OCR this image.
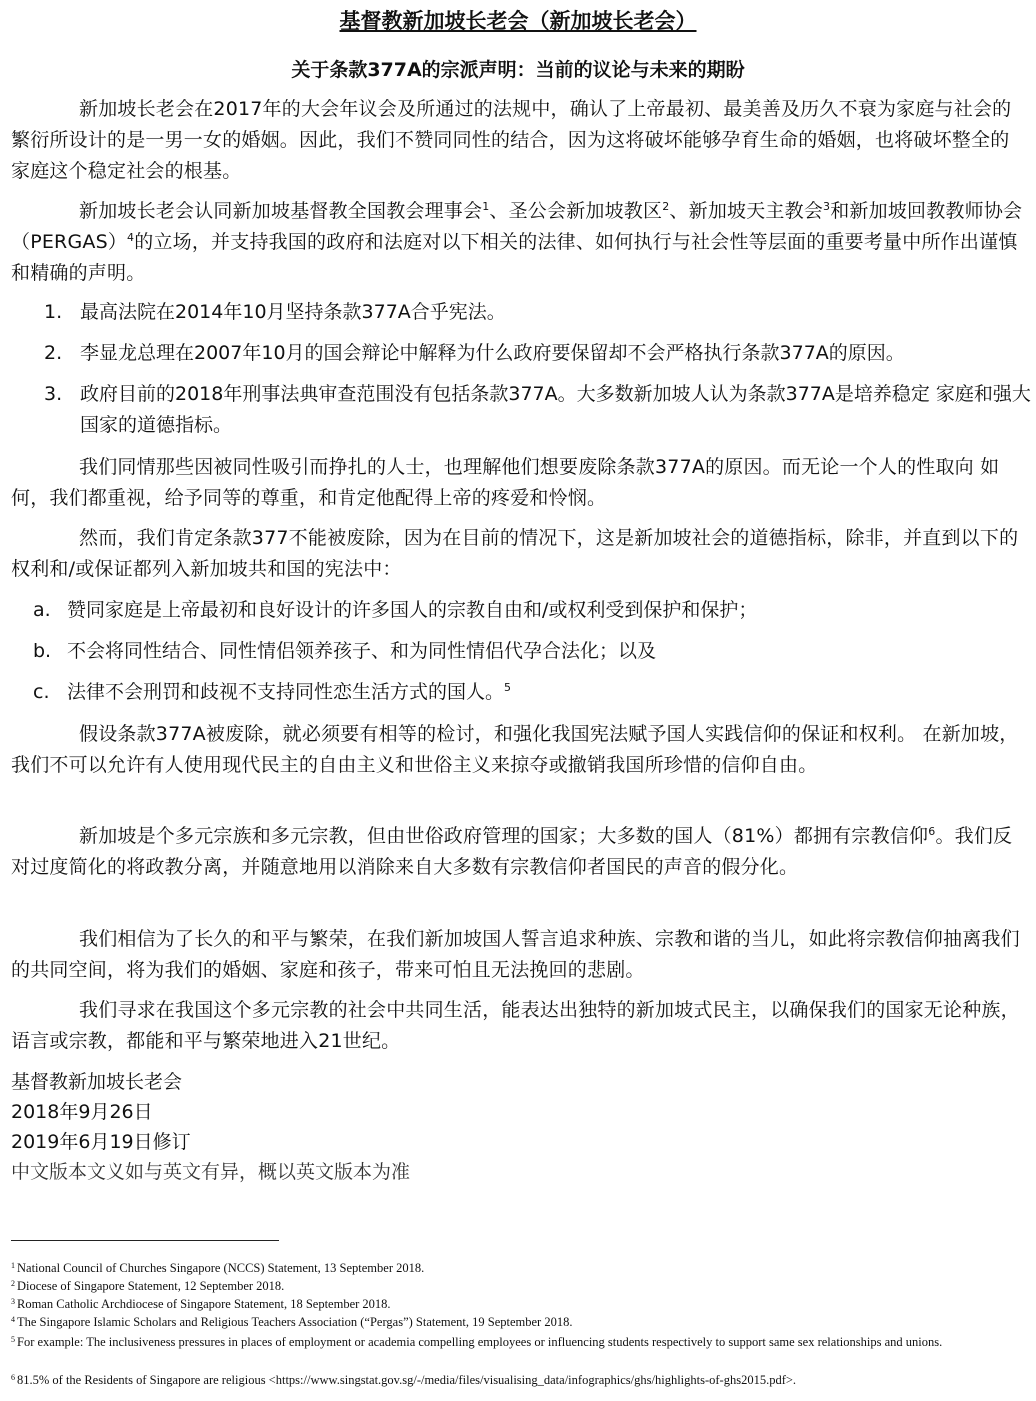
基督教新加坡长老会（新加坡长老会）
关于条款377A的宗派声明：当前的议论与未来的期盼

新加坡长老会在2017年的大会年议会及所通过的法规中，确认了上帝最初、最美善及历久不衰为家庭与社会的繁衍所设计的是一男一女的婚姻。因此，我们不赞同同性的结合，因为这将破坏能够孕育生命的婚姻，也将破坏整全的家庭这个稳定社会的根基。

新加坡长老会认同新加坡基督教全国教会理事会$^1$、圣公会新加坡教区$^2$、新加坡天主教会$^3$和新加坡回教教师协会（PERGAS）$^4$的立场，并支持我国的政府和法庭对以下相关的法律、如何执行与社会性等层面的重要考量中所作出谨慎和精确的声明。

1. 最高法院在2014年10月坚持条款377A合乎宪法。
2. 李显龙总理在2007年10月的国会辩论中解释为什么政府要保留却不会严格执行条款377A的原因。
3. 政府目前的2018年刑事法典审查范围没有包括条款377A。大多数新加坡人认为条款377A是培养稳定 家庭和强大国家的道德指标。

我们同情那些因被同性吸引而挣扎的人士，也理解他们想要废除条款377A的原因。而无论一个人的性取向 如何，我们都重视，给予同等的尊重，和肯定他配得上帝的疼爱和怜悯。

然而，我们肯定条款377不能被废除，因为在目前的情况下，这是新加坡社会的道德指标，除非，并直到以下的权利和/或保证都列入新加坡共和国的宪法中：

a. 赞同家庭是上帝最初和良好设计的许多国人的宗教自由和/或权利受到保护和保护；
b. 不会将同性结合、同性情侣领养孩子、和为同性情侣代孕合法化；以及
c. 法律不会刑罚和歧视不支持同性恋生活方式的国人。$^5$

假设条款377A被废除，就必须要有相等的检讨，和强化我国宪法赋予国人实践信仰的保证和权利。 在新加坡，我们不可以允许有人使用现代民主的自由主义和世俗主义来掠夺或撤销我国所珍惜的信仰自由。

新加坡是个多元宗族和多元宗教，但由世俗政府管理的国家；大多数的国人（81%）都拥有宗教信仰$^6$。我们反对过度简化的将政教分离，并随意地用以消除来自大多数有宗教信仰者国民的声音的假分化。

我们相信为了长久的和平与繁荣，在我们新加坡国人誓言追求种族、宗教和谐的当儿，如此将宗教信仰抽离我们的共同空间，将为我们的婚姻、家庭和孩子，带来可怕且无法挽回的悲剧。

我们寻求在我国这个多元宗教的社会中共同生活，能表达出独特的新加坡式民主，以确保我们的国家无论种族，语言或宗教，都能和平与繁荣地进入21世纪。

基督教新加坡长老会
2018年9月26日
2019年6月19日修订
中文版本文义如与英文有异，概以英文版本为准
$^1$ National Council of Churches Singapore (NCCS) Statement, 13 September 2018.
$^2$ Diocese of Singapore Statement, 12 September 2018.
$^3$ Roman Catholic Archdiocese of Singapore Statement, 18 September 2018.
$^4$ The Singapore Islamic Scholars and Religious Teachers Association (“Pergas”) Statement, 19 September 2018.
$^5$ For example: The inclusiveness pressures in places of employment or academia compelling employees or influencing students respectively to support same sex relationships and unions.
$^6$ 81.5% of the Residents of Singapore are religious <https://www.singstat.gov.sg/-/media/files/visualising_data/infographics/ghs/highlights-of-ghs2015.pdf>.
